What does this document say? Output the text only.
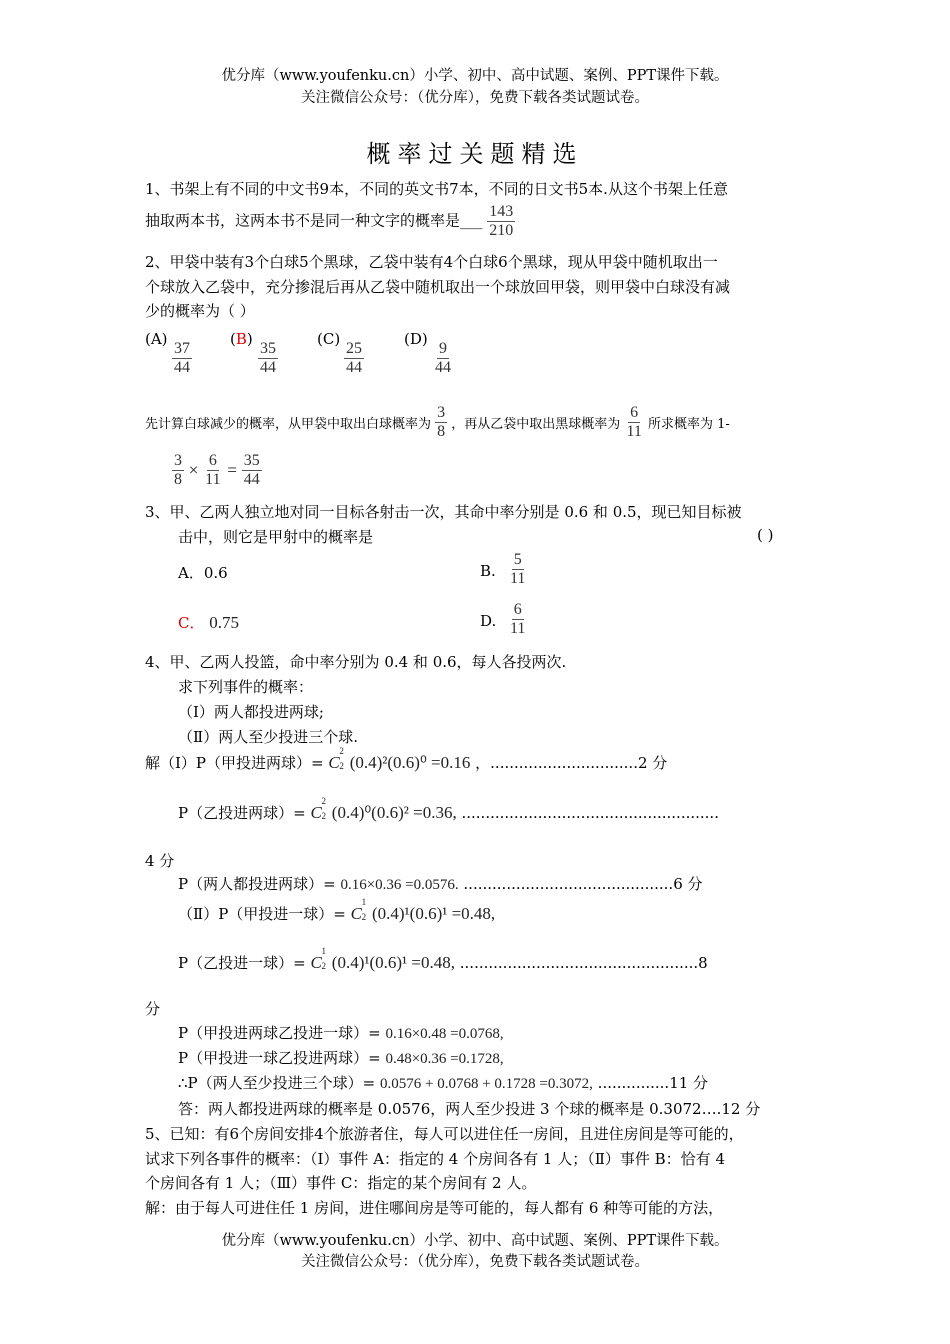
优分库（www.youfenku.cn）小学、初中、高中试题、案例、PPT课件下载。
关注微信公众号：（优分库），免费下载各类试题试卷。
概率过关题精选
1、书架上有不同的中文书9本，不同的英文书7本，不同的日文书5本.从这个书架上任意
抽取两本书，这两本书不是同一种文字的概率是___ $\frac{143}{210}$
2、甲袋中装有3个白球5个黑球，乙袋中装有4个白球6个黑球，现从甲袋中随机取出一
个球放入乙袋中，充分掺混后再从乙袋中随机取出一个球放回甲袋，则甲袋中白球没有减
少的概率为（ ）
(A)
$\frac{37}{44}$
(B)
$\frac{35}{44}$
(C)
$\frac{25}{44}$
(D)
$\frac{9}{44}$
先计算白球减少的概率，从甲袋中取出白球概率为 $\frac{3}{8}$ ，再从乙袋中取出黑球概率为 $\frac{6}{11}$ 所求概率为 1-
$\frac{3}{8} \times \frac{6}{11} = \frac{35}{44}$
3、甲、乙两人独立地对同一目标各射击一次，其命中率分别是 0.6 和 0.5，现已知目标被
击中，则它是甲射中的概率是	( )
A．0.6	B. $\frac{5}{11}$
C． 0.75	D. $\frac{6}{11}$
4、甲、乙两人投篮，命中率分别为 0.4 和 0.6，每人各投两次.
求下列事件的概率：
（Ⅰ）两人都投进两球;
（Ⅱ）两人至少投进三个球.
解（Ⅰ）P（甲投进两球）= C
2
2 (0.4)²(0.6)⁰ =0.16 ，...............................2 分
P（乙投进两球）= C
2
2 (0.4)⁰(0.6)² =0.36, ......................................................
4 分
P（两人都投进两球）= 0.16×0.36 =0.0576. ............................................6 分
（Ⅱ）P（甲投进一球）= C
1
2 (0.4)¹(0.6)¹ =0.48,
P（乙投进一球）= C
1
2 (0.4)¹(0.6)¹ =0.48, ..................................................8
分
P（甲投进两球乙投进一球）= 0.16×0.48 =0.0768,
P（甲投进一球乙投进两球）= 0.48×0.36 =0.1728,
∴P（两人至少投进三个球）= 0.0576 + 0.0768 + 0.1728 =0.3072, ...............11 分
答：两人都投进两球的概率是 0.0576，两人至少投进 3 个球的概率是 0.3072….12 分
5、已知：有6个房间安排4个旅游者住，每人可以进住任一房间，且进住房间是等可能的，
试求下列各事件的概率：（Ⅰ）事件 A：指定的 4 个房间各有 1 人；（Ⅱ）事件 B：恰有 4
个房间各有 1 人；（Ⅲ）事件 C：指定的某个房间有 2 人。
解：由于每人可进住任 1 房间，进住哪间房是等可能的，每人都有 6 种等可能的方法，
优分库（www.youfenku.cn）小学、初中、高中试题、案例、PPT课件下载。
关注微信公众号：（优分库），免费下载各类试题试卷。
